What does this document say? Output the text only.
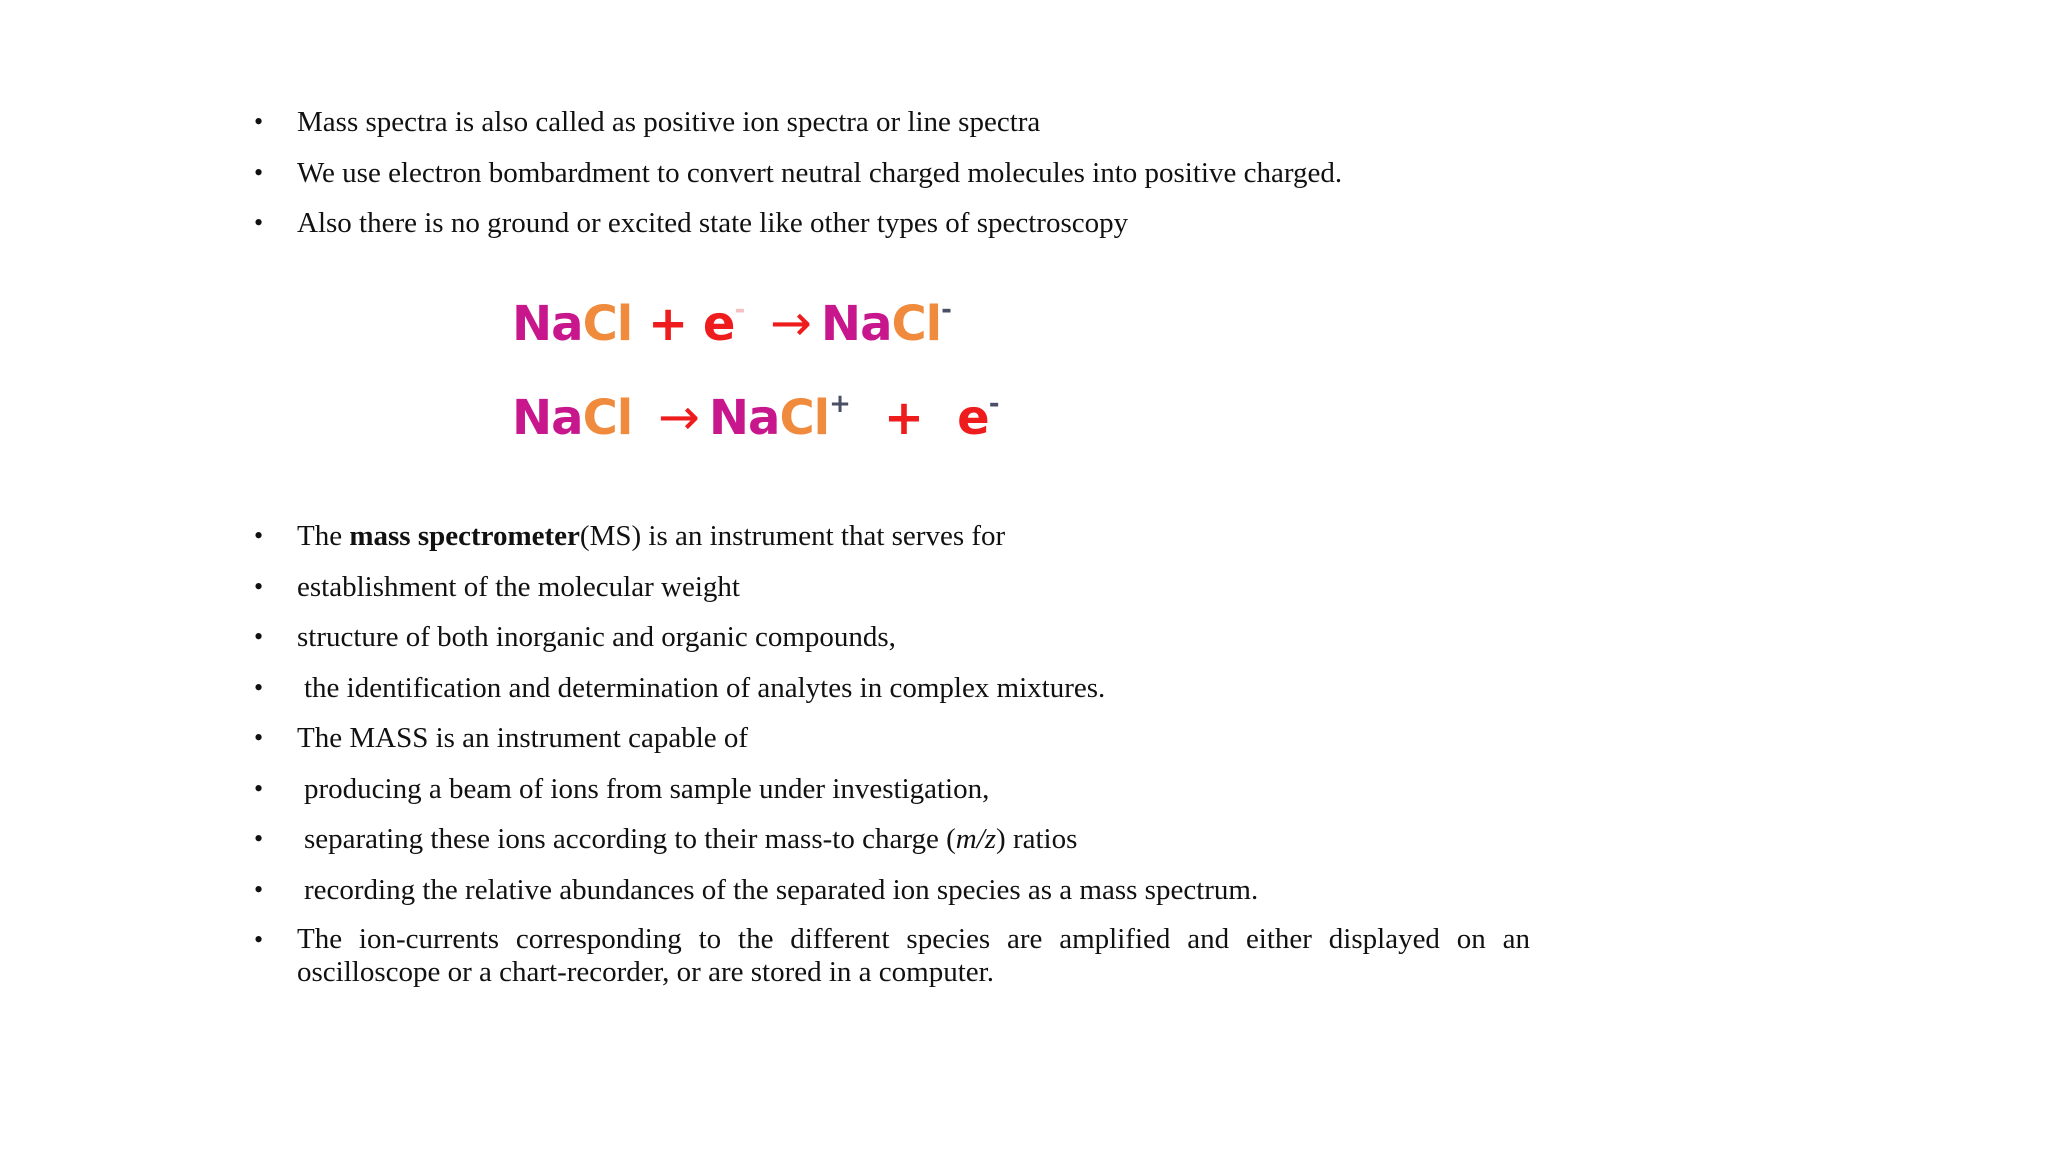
• Mass spectra is also called as positive ion spectra or line spectra
• We use electron bombardment to convert neutral charged molecules into positive charged.
• Also there is no ground or excited state like other types of spectroscopy
NaCl + e- → NaCl-
NaCl → NaCl+ + e-
• The mass spectrometer(MS) is an instrument that serves for
• establishment of the molecular weight
• structure of both inorganic and organic compounds,
• the identification and determination of analytes in complex mixtures.
• The MASS is an instrument capable of
• producing a beam of ions from sample under investigation,
• separating these ions according to their mass-to charge (m/z) ratios
• recording the relative abundances of the separated ion species as a mass spectrum.
• The ion-currents corresponding to the different species are amplified and either displayed on an oscilloscope or a chart-recorder, or are stored in a computer.
